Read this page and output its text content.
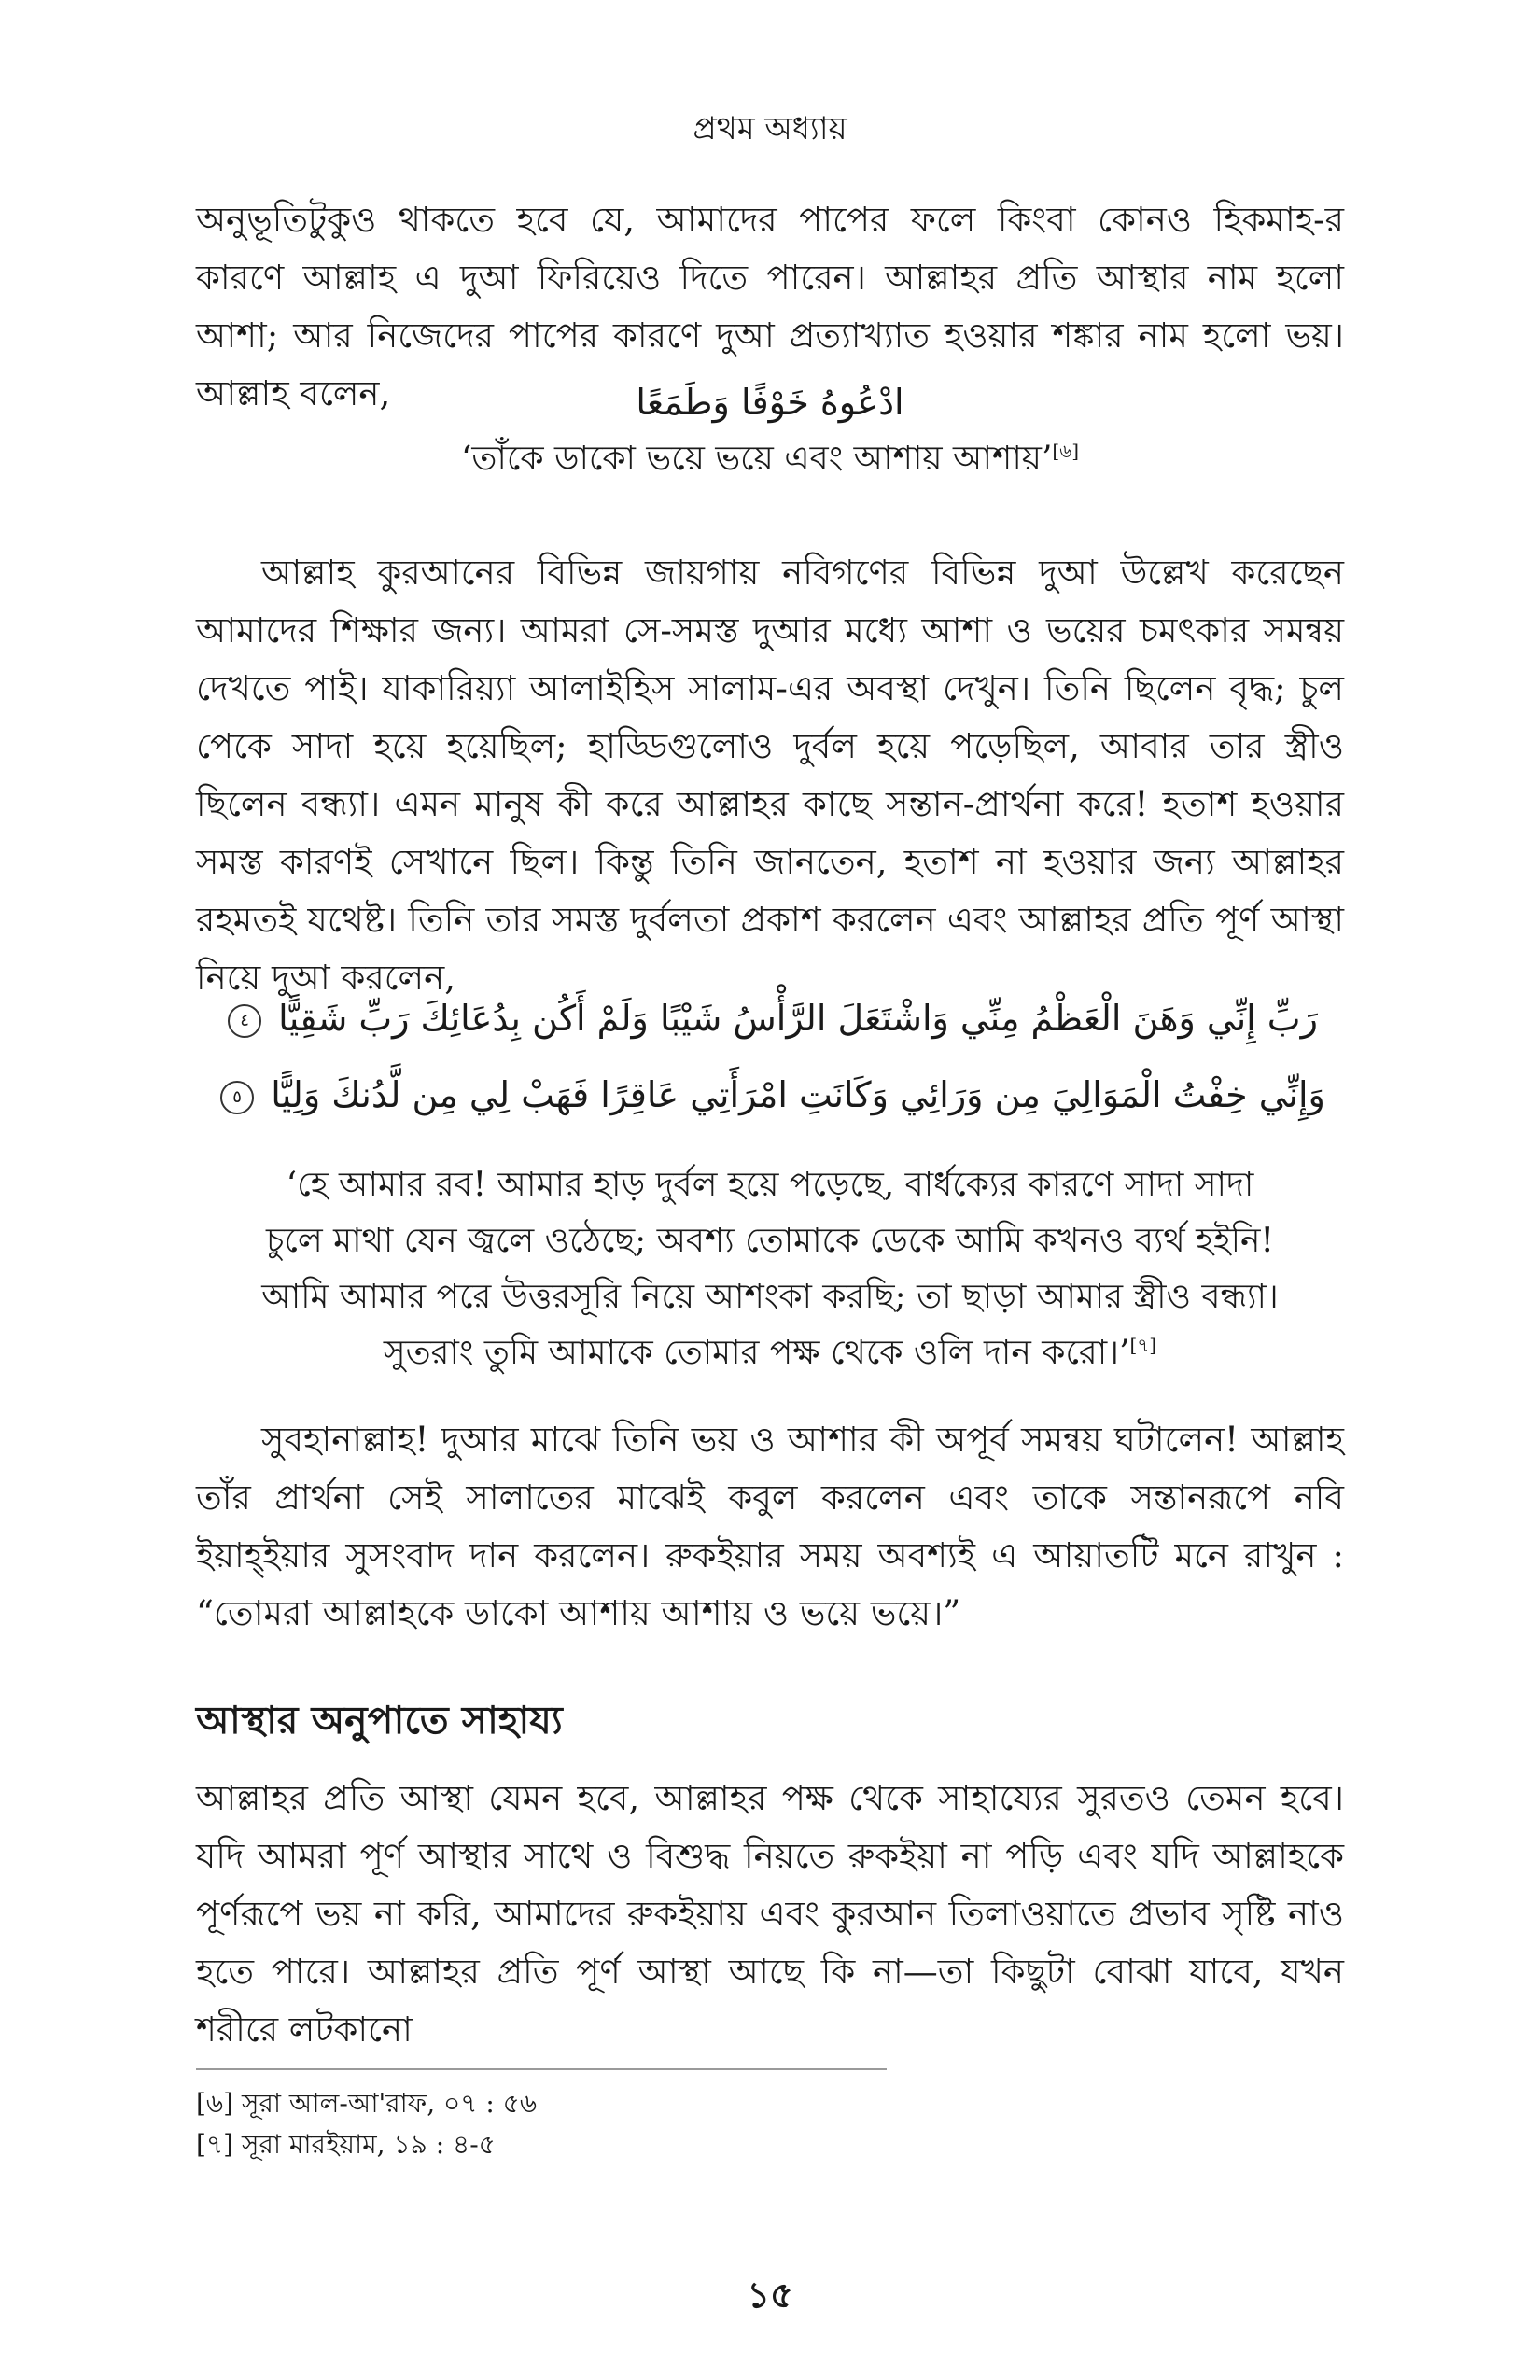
প্রথম অধ্যায়

অনুভূতিটুকুও থাকতে হবে যে, আমাদের পাপের ফলে কিংবা কোনও হিকমাহ-র কারণে আল্লাহ এ দুআ ফিরিয়েও দিতে পারেন। আল্লাহর প্রতি আস্থার নাম হলো আশা; আর নিজেদের পাপের কারণে দুআ প্রত্যাখ্যাত হওয়ার শঙ্কার নাম হলো ভয়। আল্লাহ বলেন,	ادْعُوهُ خَوْفًا وَطَمَعًا

‘তাঁকে ডাকো ভয়ে ভয়ে এবং আশায় আশায়’[৬]

আল্লাহ কুরআনের বিভিন্ন জায়গায় নবিগণের বিভিন্ন দুআ উল্লেখ করেছেন আমাদের শিক্ষার জন্য। আমরা সে-সমস্ত দুআর মধ্যে আশা ও ভয়ের চমৎকার সমন্বয় দেখতে পাই। যাকারিয়্যা আলাইহিস সালাম-এর অবস্থা দেখুন। তিনি ছিলেন বৃদ্ধ; চুল পেকে সাদা হয়ে হয়েছিল; হাড্ডিগুলোও দুর্বল হয়ে পড়েছিল, আবার তার স্ত্রীও ছিলেন বন্ধ্যা। এমন মানুষ কী করে আল্লাহর কাছে সন্তান-প্রার্থনা করে! হতাশ হওয়ার সমস্ত কারণই সেখানে ছিল। কিন্তু তিনি জানতেন, হতাশ না হওয়ার জন্য আল্লাহর রহমতই যথেষ্ট। তিনি তার সমস্ত দুর্বলতা প্রকাশ করলেন এবং আল্লাহর প্রতি পূর্ণ আস্থা নিয়ে দুআ করলেন,

رَبِّ إِنِّي وَهَنَ الْعَظْمُ مِنِّي وَاشْتَعَلَ الرَّأْسُ شَيْبًا وَلَمْ أَكُن بِدُعَائِكَ رَبِّ شَقِيًّا ٤
وَإِنِّي خِفْتُ الْمَوَالِيَ مِن وَرَائِي وَكَانَتِ امْرَأَتِي عَاقِرًا فَهَبْ لِي مِن لَّدُنكَ وَلِيًّا ٥

‘হে আমার রব! আমার হাড় দুর্বল হয়ে পড়েছে, বার্ধক্যের কারণে সাদা সাদা

চুলে মাথা যেন জ্বলে ওঠেছে; অবশ্য তোমাকে ডেকে আমি কখনও ব্যর্থ হইনি!

আমি আমার পরে উত্তরসূরি নিয়ে আশংকা করছি; তা ছাড়া আমার স্ত্রীও বন্ধ্যা।

সুতরাং তুমি আমাকে তোমার পক্ষ থেকে ওলি দান করো।’[৭]

সুবহানাল্লাহ! দুআর মাঝে তিনি ভয় ও আশার কী অপূর্ব সমন্বয় ঘটালেন! আল্লাহ তাঁর প্রার্থনা সেই সালাতের মাঝেই কবুল করলেন এবং তাকে সন্তানরূপে নবি ইয়াহ্ইয়ার সুসংবাদ দান করলেন। রুকইয়ার সময় অবশ্যই এ আয়াতটি মনে রাখুন : “তোমরা আল্লাহকে ডাকো আশায় আশায় ও ভয়ে ভয়ে।”

আস্থার অনুপাতে সাহায্য

আল্লাহর প্রতি আস্থা যেমন হবে, আল্লাহর পক্ষ থেকে সাহায্যের সুরতও তেমন হবে। যদি আমরা পূর্ণ আস্থার সাথে ও বিশুদ্ধ নিয়তে রুকইয়া না পড়ি এবং যদি আল্লাহকে পূর্ণরূপে ভয় না করি, আমাদের রুকইয়ায় এবং কুরআন তিলাওয়াতে প্রভাব সৃষ্টি নাও হতে পারে। আল্লাহর প্রতি পূর্ণ আস্থা আছে কি না—তা কিছুটা বোঝা যাবে, যখন শরীরে লটকানো

[৬] সূরা আল-আ'রাফ, ০৭ : ৫৬
[৭] সূরা মারইয়াম, ১৯ : ৪-৫
১৫
